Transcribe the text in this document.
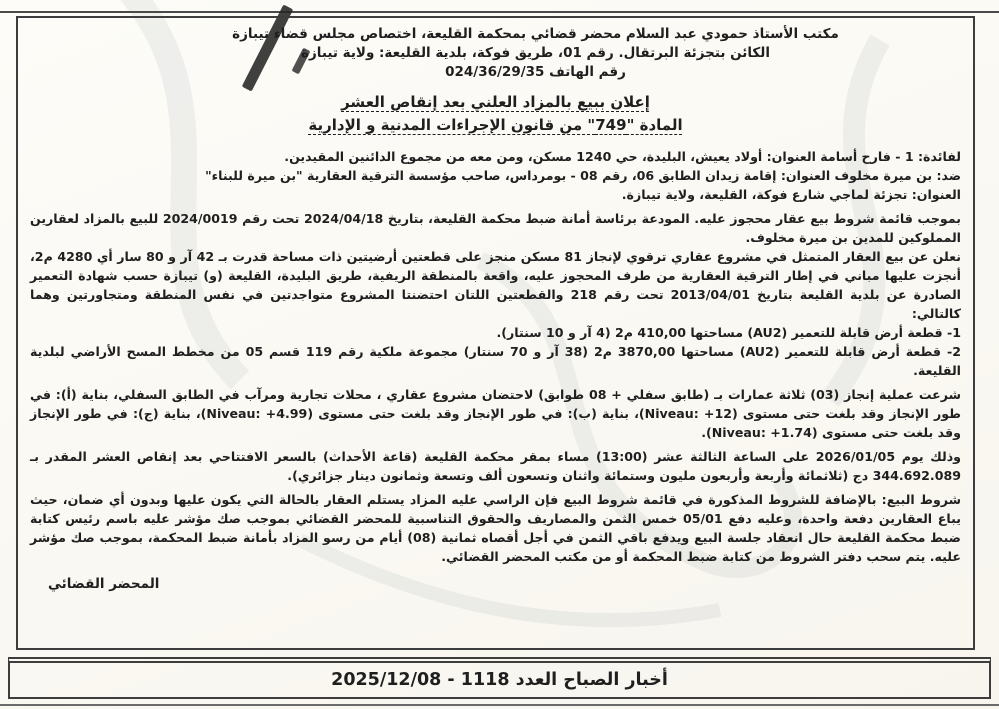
مكتب الأستاذ حمودي عبد السلام محضر قضائي بمحكمة القليعة، اختصاص مجلس قضاء تيبازة
الكائن بتجزئة البرتقال. رقم 01، طريق فوكة، بلدية القليعة: ولاية تيبازة
رقم الهاتف 024/36/29/35
إعلان ببيع بالمزاد العلني بعد إنقاص العشر
المادة "749" من قانون الإجراءات المدنية و الإدارية

لفائدة: 1 - فارح أسامة العنوان: أولاد يعيش، البليدة، حي 1240 مسكن، ومن معه من مجموع الدائنين المقيدين.

ضد: بن ميرة مخلوف العنوان: إقامة زيدان الطابق 06، رقم 08 - بومرداس، صاحب مؤسسة الترقية العقارية "بن ميرة للبناء"

العنوان: تجزئة لماجي شارع فوكة، القليعة، ولاية تيبازة.

بموجب قائمة شروط بيع عقار محجوز عليه. المودعة برئاسة أمانة ضبط محكمة القليعة، بتاريخ 2024/04/18 تحت رقم 2024/0019 للبيع بالمزاد لعقارين المملوكين للمدين بن ميرة مخلوف.

نعلن عن بيع العقار المتمثل في مشروع عقاري ترقوي لإنجاز 81 مسكن منجز على قطعتين أرضيتين ذات مساحة قدرت بـ 42 آر و 80 سار أي 4280 م2، أنجزت عليها مباني في إطار الترقية العقارية من طرف المحجوز عليه، واقعة بالمنطقة الريفية، طريق البليدة، القليعة (و) تيبازة حسب شهادة التعمير الصادرة عن بلدية القليعة بتاريخ 2013/04/01 تحت رقم 218 والقطعتين اللتان احتضنتا المشروع متواجدتين في نفس المنطقة ومتجاورتين وهما كالتالي:

1- قطعة أرض قابلة للتعمير (AU2) مساحتها 410,00 م2 (4 آر و 10 سنتار).

2- قطعة أرض قابلة للتعمير (AU2) مساحتها 3870,00 م2 (38 آر و 70 سنتار) مجموعة ملكية رقم 119 قسم 05 من مخطط المسح الأراضي لبلدية القليعة.

شرعت عملية إنجاز (03) ثلاثة عمارات بـ (طابق سفلي + 08 طوابق) لاحتضان مشروع عقاري ، محلات تجارية ومرآب في الطابق السفلي، بناية (أ): في طور الإنجاز وقد بلغت حتى مستوى (Niveau: +12)، بناية (ب): في طور الإنجاز وقد بلغت حتى مستوى (Niveau: +4.99)، بناية (ج): في طور الإنجاز وقد بلغت حتى مستوى (Niveau: +1.74).

وذلك يوم 2026/01/05 على الساعة الثالثة عشر (13:00) مساء بمقر محكمة القليعة (قاعة الأحداث) بالسعر الافتتاحي بعد إنقاص العشر المقدر بـ 344.692.089 دج (ثلاثمائة وأربعة وأربعون مليون وستمائة واثنان وتسعون ألف وتسعة وثمانون دينار جزائري).

شروط البيع: بالإضافة للشروط المذكورة في قائمة شروط البيع فإن الراسي عليه المزاد يستلم العقار بالحالة التي يكون عليها وبدون أي ضمان، حيث يباع العقارين دفعة واحدة، وعليه دفع 05/01 خمس الثمن والمصاريف والحقوق التناسبية للمحضر القضائي بموجب صك مؤشر عليه باسم رئيس كتابة ضبط محكمة القليعة حال انعقاد جلسة البيع ويدفع باقي الثمن في أجل أقصاه ثمانية (08) أيام من رسو المزاد بأمانة ضبط المحكمة، بموجب صك مؤشر عليه. يتم سحب دفتر الشروط من كتابة ضبط المحكمة أو من مكتب المحضر القضائي.

المحضر القضائي
أخبار الصباح العدد 1118 - 2025/12/08
